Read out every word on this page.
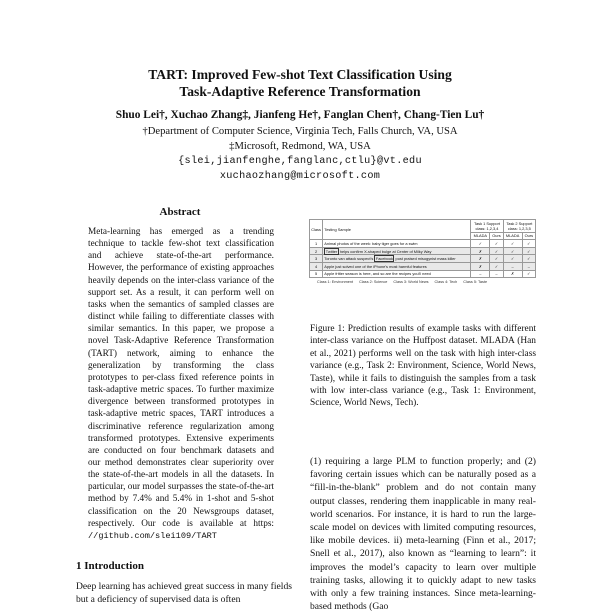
TART: Improved Few-shot Text Classification Using
Task-Adaptive Reference Transformation
Shuo Lei†, Xuchao Zhang‡, Jianfeng He†, Fanglan Chen†, Chang-Tien Lu†
†Department of Computer Science, Virginia Tech, Falls Church, VA, USA
‡Microsoft, Redmond, WA, USA
{slei,jianfenghe,fanglanc,ctlu}@vt.edu
xuchaozhang@microsoft.com
Abstract
Meta-learning has emerged as a trending technique to tackle few-shot text classification and achieve state-of-the-art performance. However, the performance of existing approaches heavily depends on the inter-class variance of the support set. As a result, it can perform well on tasks when the semantics of sampled classes are distinct while failing to differentiate classes with similar semantics. In this paper, we propose a novel Task-Adaptive Reference Transformation (TART) network, aiming to enhance the generalization by transforming the class prototypes to per-class fixed reference points in task-adaptive metric spaces. To further maximize divergence between transformed prototypes in task-adaptive metric spaces, TART introduces a discriminative reference regularization among transformed prototypes. Extensive experiments are conducted on four benchmark datasets and our method demonstrates clear superiority over the state-of-the-art models in all the datasets. In particular, our model surpasses the state-of-the-art method by 7.4% and 5.4% in 1-shot and 5-shot classification on the 20 Newsgroups dataset, respectively. Our code is available at https: //github.com/slei109/TART
1 Introduction
Deep learning has achieved great success in many fields but a deficiency of supervised data is often
Class	Testing Sample	Task 1 Support class: 1,2,3,4		Task 2 Support class: 1,2,3,5	
		MLADA	Ours	MLADA	Ours
1	Animal photos of the week: baby tiger goes for a swim	✓	✓	✓	✓
2	Twitter helps confirm X-shaped bulge at Center of Milky Way	✗	✓	✓	✓
3	Toronto van attack suspect's Facebook post praised misogynist mass killer	✗	✓	✓	✓
4	Apple just solved one of the iPhone's most harmful features	✗	✓	–	–
5	Apple fritter season is here, and so are the recipes you'll need	–	–	✗	✓
Class 1: Environment Class 2: Science Class 3: World News Class 4: Tech Class 5: Taste
Figure 1: Prediction results of example tasks with different inter-class variance on the Huffpost dataset. MLADA (Han et al., 2021) performs well on the task with high inter-class variance (e.g., Task 2: Environment, Science, World News, Taste), while it fails to distinguish the samples from a task with low inter-class variance (e.g., Task 1: Environment, Science, World News, Tech).
(1) requiring a large PLM to function properly; and (2) favoring certain issues which can be naturally posed as a “fill-in-the-blank” problem and do not contain many output classes, rendering them inapplicable in many real-world scenarios. For instance, it is hard to run the large-scale model on devices with limited computing resources, like mobile devices. ii) meta-learning (Finn et al., 2017; Snell et al., 2017), also known as “learning to learn”: it improves the model’s capacity to learn over multiple training tasks, allowing it to quickly adapt to new tasks with only a few training instances. Since meta-learning-based methods (Gao
